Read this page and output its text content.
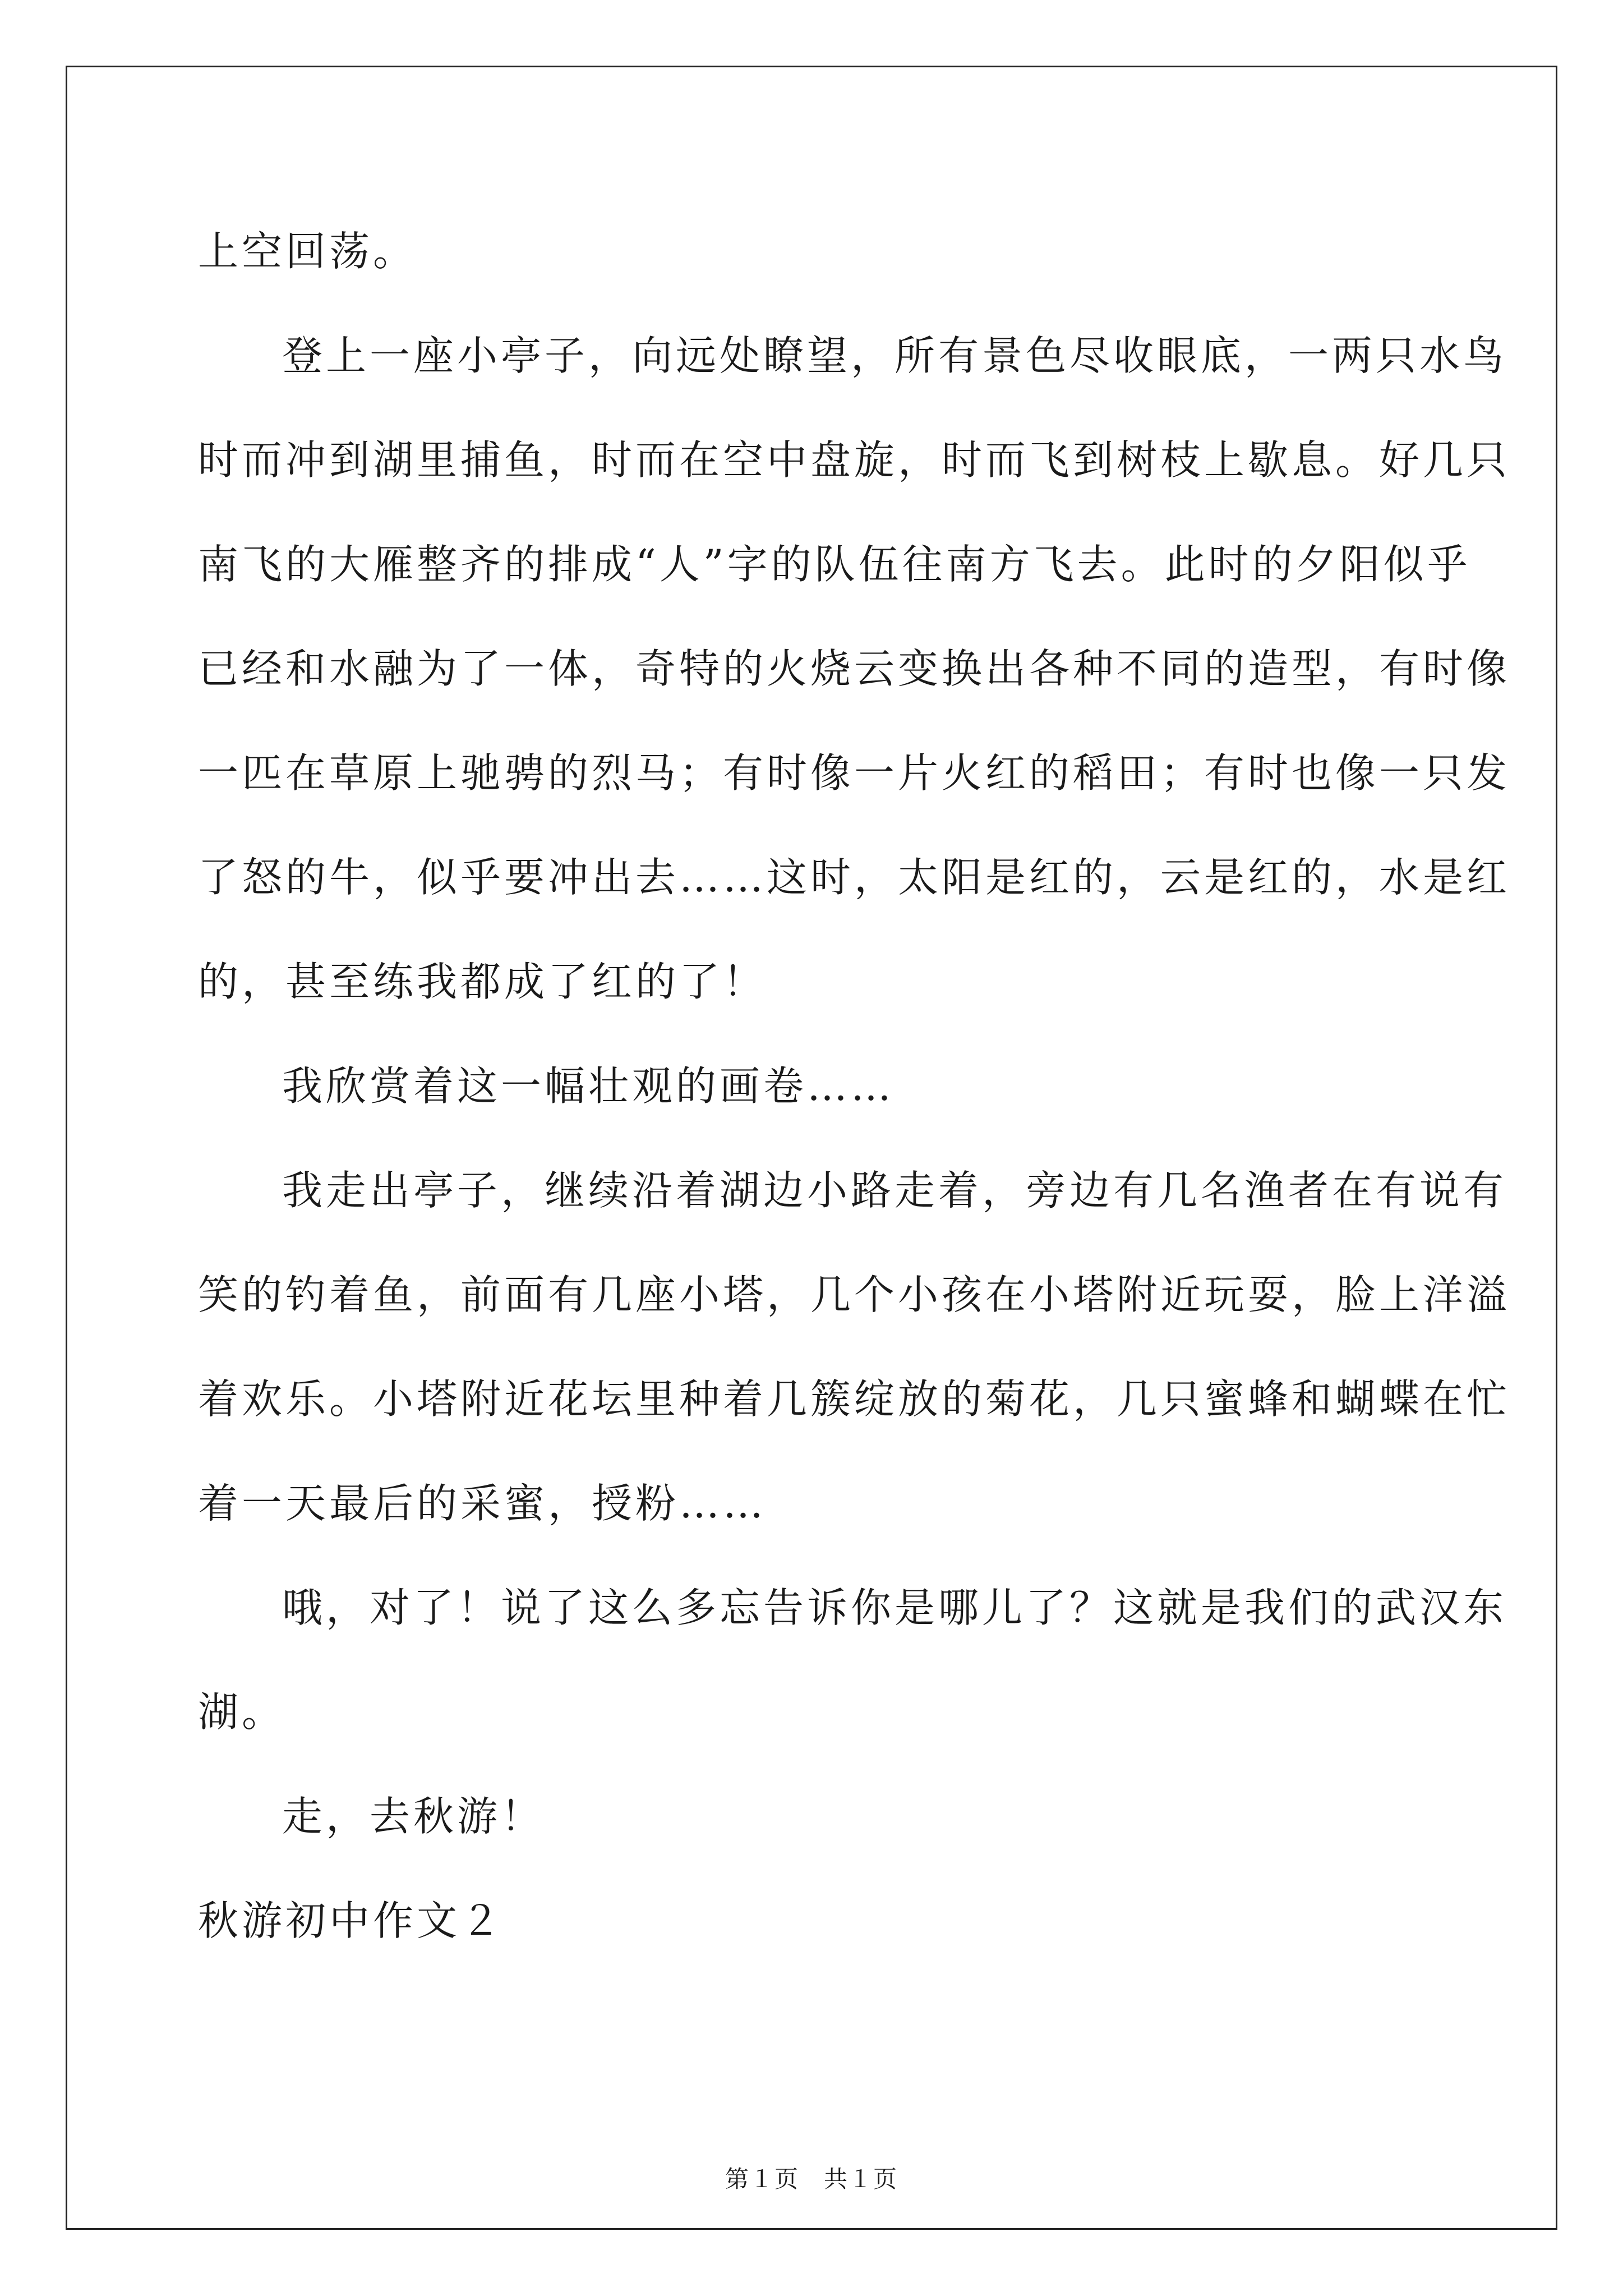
上空回荡。
登上一座小亭子，向远处瞭望，所有景色尽收眼底，一两只水鸟
时而冲到湖里捕鱼，时而在空中盘旋，时而飞到树枝上歇息。好几只
南飞的大雁整齐的排成“人”字的队伍往南方飞去。此时的夕阳似乎
已经和水融为了一体，奇特的火烧云变换出各种不同的造型，有时像
一匹在草原上驰骋的烈马；有时像一片火红的稻田；有时也像一只发
了怒的牛，似乎要冲出去……这时，太阳是红的，云是红的，水是红
的，甚至练我都成了红的了！
我欣赏着这一幅壮观的画卷……
我走出亭子，继续沿着湖边小路走着，旁边有几名渔者在有说有
笑的钓着鱼，前面有几座小塔，几个小孩在小塔附近玩耍，脸上洋溢
着欢乐。小塔附近花坛里种着几簇绽放的菊花，几只蜜蜂和蝴蝶在忙
着一天最后的采蜜，授粉……
哦，对了！说了这么多忘告诉你是哪儿了？这就是我们的武汉东
湖。
走，去秋游！
秋游初中作文２
第１页　共１页
